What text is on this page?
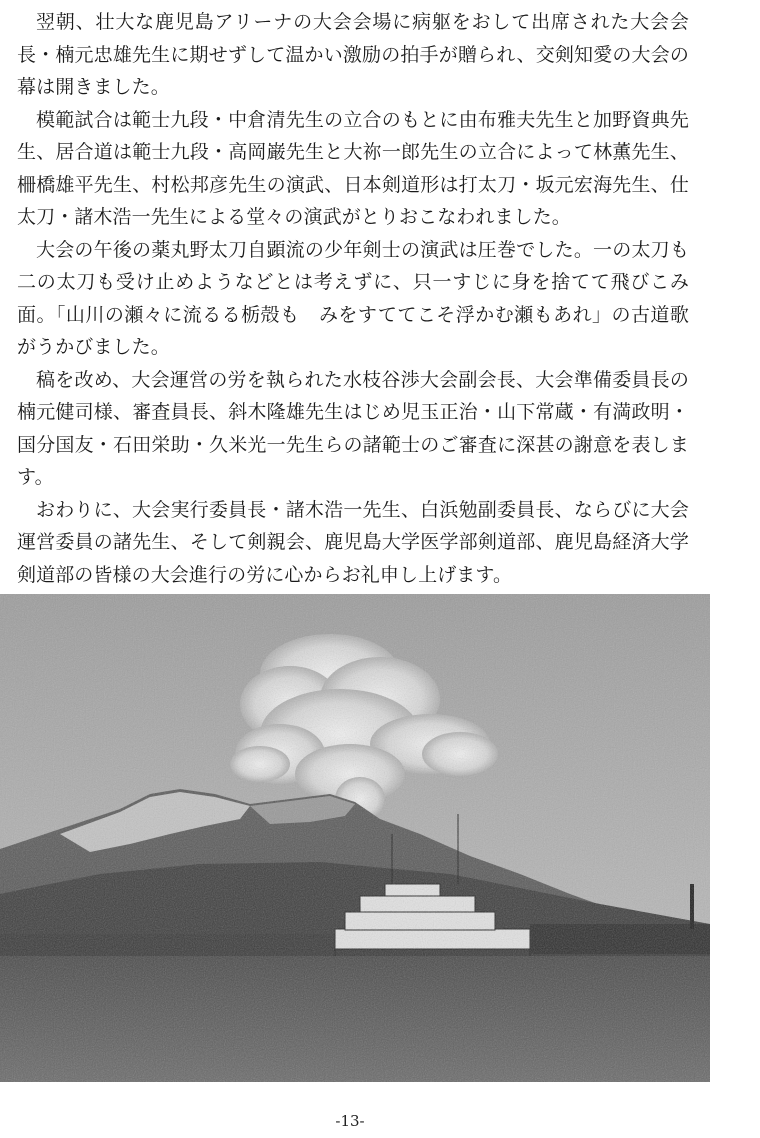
翌朝、壮大な鹿児島アリーナの大会会場に病躯をおして出席された大会会長・楠元忠雄先生に期せずして温かい激励の拍手が贈られ、交剣知愛の大会の幕は開きました。

模範試合は範士九段・中倉清先生の立合のもとに由布雅夫先生と加野資典先生、居合道は範士九段・高岡巌先生と大祢一郎先生の立合によって林薫先生、柵橋雄平先生、村松邦彦先生の演武、日本剣道形は打太刀・坂元宏海先生、仕太刀・諸木浩一先生による堂々の演武がとりおこなわれました。

大会の午後の薬丸野太刀自顕流の少年剣士の演武は圧巻でした。一の太刀も二の太刀も受け止めようなどとは考えずに、只一すじに身を捨てて飛びこみ面。「山川の瀬々に流るる栃殻も　みをすててこそ浮かむ瀬もあれ」の古道歌がうかびました。

稿を改め、大会運営の労を執られた水枝谷渉大会副会長、大会準備委員長の楠元健司様、審査員長、斜木隆雄先生はじめ児玉正治・山下常蔵・有満政明・国分国友・石田栄助・久米光一先生らの諸範士のご審査に深甚の謝意を表します。

おわりに、大会実行委員長・諸木浩一先生、白浜勉副委員長、ならびに大会運営委員の諸先生、そして剣親会、鹿児島大学医学部剣道部、鹿児島経済大学剣道部の皆様の大会進行の労に心からお礼申し上げます。

-13-
